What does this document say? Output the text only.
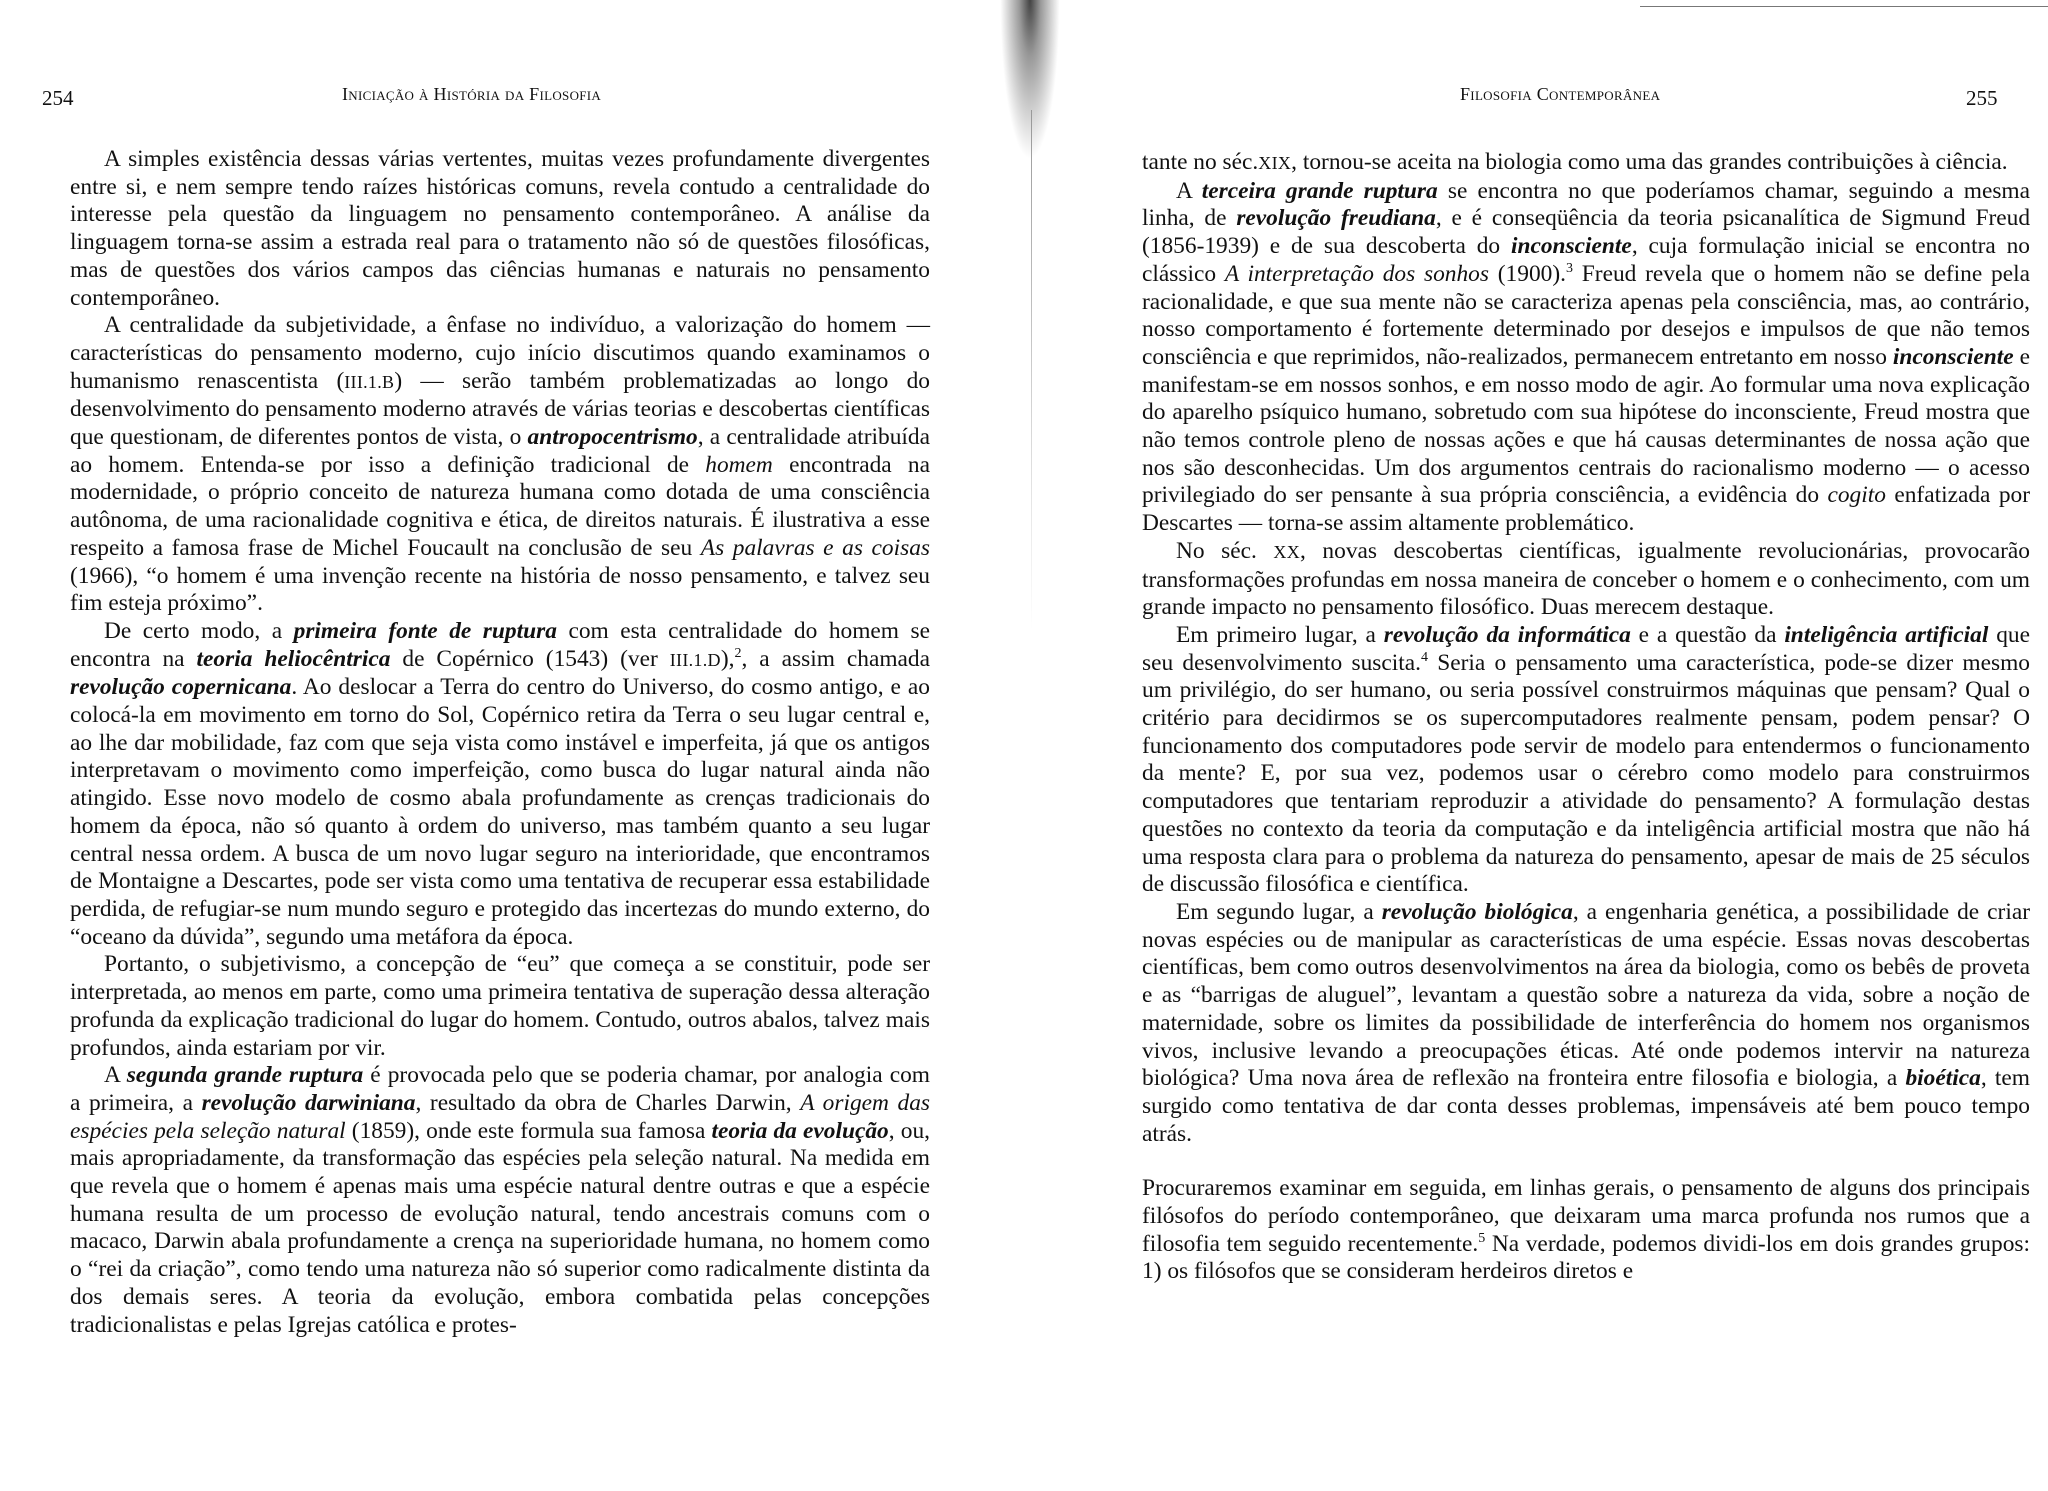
254	Iniciação à História da Filosofia

A simples existência dessas várias vertentes, muitas vezes profundamente divergentes entre si, e nem sempre tendo raízes históricas comuns, revela contudo a centralidade do interesse pela questão da linguagem no pensamento contemporâneo. A análise da linguagem torna-se assim a estrada real para o tratamento não só de questões filosóficas, mas de questões dos vários campos das ciências humanas e naturais no pensamento contemporâneo.

A centralidade da subjetividade, a ênfase no indivíduo, a valorização do homem — características do pensamento moderno, cujo início discutimos quando examinamos o humanismo renascentista (III.1.B) — serão também problematizadas ao longo do desenvolvimento do pensamento moderno através de várias teorias e descobertas científicas que questionam, de diferentes pontos de vista, o antropocentrismo, a centralidade atribuída ao homem. Entenda-se por isso a definição tradicional de homem encontrada na modernidade, o próprio conceito de natureza humana como dotada de uma consciência autônoma, de uma racionalidade cognitiva e ética, de direitos naturais. É ilustrativa a esse respeito a famosa frase de Michel Foucault na conclusão de seu As palavras e as coisas (1966), “o homem é uma invenção recente na história de nosso pensamento, e talvez seu fim esteja próximo”.

De certo modo, a primeira fonte de ruptura com esta centralidade do homem se encontra na teoria heliocêntrica de Copérnico (1543) (ver III.1.D),$^2$, a assim chamada revolução copernicana. Ao deslocar a Terra do centro do Universo, do cosmo antigo, e ao colocá-la em movimento em torno do Sol, Copérnico retira da Terra o seu lugar central e, ao lhe dar mobilidade, faz com que seja vista como instável e imperfeita, já que os antigos interpretavam o movimento como imperfeição, como busca do lugar natural ainda não atingido. Esse novo modelo de cosmo abala profundamente as crenças tradicionais do homem da época, não só quanto à ordem do universo, mas também quanto a seu lugar central nessa ordem. A busca de um novo lugar seguro na interioridade, que encontramos de Montaigne a Descartes, pode ser vista como uma tentativa de recuperar essa estabilidade perdida, de refugiar-se num mundo seguro e protegido das incertezas do mundo externo, do “oceano da dúvida”, segundo uma metáfora da época.

Portanto, o subjetivismo, a concepção de “eu” que começa a se constituir, pode ser interpretada, ao menos em parte, como uma primeira tentativa de superação dessa alteração profunda da explicação tradicional do lugar do homem. Contudo, outros abalos, talvez mais profundos, ainda estariam por vir.

A segunda grande ruptura é provocada pelo que se poderia chamar, por analogia com a primeira, a revolução darwiniana, resultado da obra de Charles Darwin, A origem das espécies pela seleção natural (1859), onde este formula sua famosa teoria da evolução, ou, mais apropriadamente, da transformação das espécies pela seleção natural. Na medida em que revela que o homem é apenas mais uma espécie natural dentre outras e que a espécie humana resulta de um processo de evolução natural, tendo ancestrais comuns com o macaco, Darwin abala profundamente a crença na superioridade humana, no homem como o “rei da criação”, como tendo uma natureza não só superior como radicalmente distinta da dos demais seres. A teoria da evolução, embora combatida pelas concepções tradicionalistas e pelas Igrejas católica e protes-

Filosofia Contemporânea	255

tante no séc.XIX, tornou-se aceita na biologia como uma das grandes contribuições à ciência.

A terceira grande ruptura se encontra no que poderíamos chamar, seguindo a mesma linha, de revolução freudiana, e é conseqüência da teoria psicanalítica de Sigmund Freud (1856-1939) e de sua descoberta do inconsciente, cuja formulação inicial se encontra no clássico A interpretação dos sonhos (1900).$^3$ Freud revela que o homem não se define pela racionalidade, e que sua mente não se caracteriza apenas pela consciência, mas, ao contrário, nosso comportamento é fortemente determinado por desejos e impulsos de que não temos consciência e que reprimidos, não-realizados, permanecem entretanto em nosso inconsciente e manifestam-se em nossos sonhos, e em nosso modo de agir. Ao formular uma nova explicação do aparelho psíquico humano, sobretudo com sua hipótese do inconsciente, Freud mostra que não temos controle pleno de nossas ações e que há causas determinantes de nossa ação que nos são desconhecidas. Um dos argumentos centrais do racionalismo moderno — o acesso privilegiado do ser pensante à sua própria consciência, a evidência do cogito enfatizada por Descartes — torna-se assim altamente problemático.

No séc. XX, novas descobertas científicas, igualmente revolucionárias, provocarão transformações profundas em nossa maneira de conceber o homem e o conhecimento, com um grande impacto no pensamento filosófico. Duas merecem destaque.

Em primeiro lugar, a revolução da informática e a questão da inteligência artificial que seu desenvolvimento suscita.$^4$ Seria o pensamento uma característica, pode-se dizer mesmo um privilégio, do ser humano, ou seria possível construirmos máquinas que pensam? Qual o critério para decidirmos se os supercomputadores realmente pensam, podem pensar? O funcionamento dos computadores pode servir de modelo para entendermos o funcionamento da mente? E, por sua vez, podemos usar o cérebro como modelo para construirmos computadores que tentariam reproduzir a atividade do pensamento? A formulação destas questões no contexto da teoria da computação e da inteligência artificial mostra que não há uma resposta clara para o problema da natureza do pensamento, apesar de mais de 25 séculos de discussão filosófica e científica.

Em segundo lugar, a revolução biológica, a engenharia genética, a possibilidade de criar novas espécies ou de manipular as características de uma espécie. Essas novas descobertas científicas, bem como outros desenvolvimentos na área da biologia, como os bebês de proveta e as “barrigas de aluguel”, levantam a questão sobre a natureza da vida, sobre a noção de maternidade, sobre os limites da possibilidade de interferência do homem nos organismos vivos, inclusive levando a preocupações éticas. Até onde podemos intervir na natureza biológica? Uma nova área de reflexão na fronteira entre filosofia e biologia, a bioética, tem surgido como tentativa de dar conta desses problemas, impensáveis até bem pouco tempo atrás.

Procuraremos examinar em seguida, em linhas gerais, o pensamento de alguns dos principais filósofos do período contemporâneo, que deixaram uma marca profunda nos rumos que a filosofia tem seguido recentemente.$^5$ Na verdade, podemos dividi-los em dois grandes grupos: 1) os filósofos que se consideram herdeiros diretos e
